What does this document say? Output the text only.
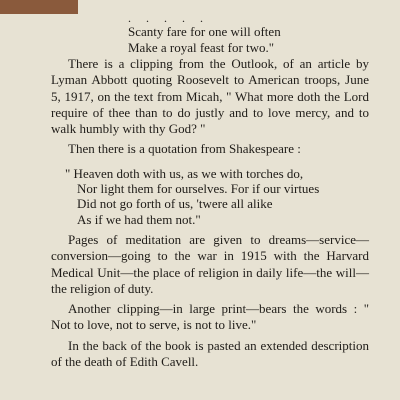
. . . . .
Scanty fare for one will often
Make a royal feast for two."

There is a clipping from the Outlook, of an article by Lyman Abbott quoting Roosevelt to American troops, June 5, 1917, on the text from Micah, " What more doth the Lord require of thee than to do justly and to love mercy, and to walk humbly with thy God? "

Then there is a quotation from Shakespeare :

" Heaven doth with us, as we with torches do,
Nor light them for ourselves. For if our virtues
Did not go forth of us, 'twere all alike
As if we had them not."

Pages of meditation are given to dreams—service—conversion—going to the war in 1915 with the Harvard Medical Unit—the place of religion in daily life—the will—the religion of duty.

Another clipping—in large print—bears the words : " Not to love, not to serve, is not to live."

In the back of the book is pasted an extended description of the death of Edith Cavell.
